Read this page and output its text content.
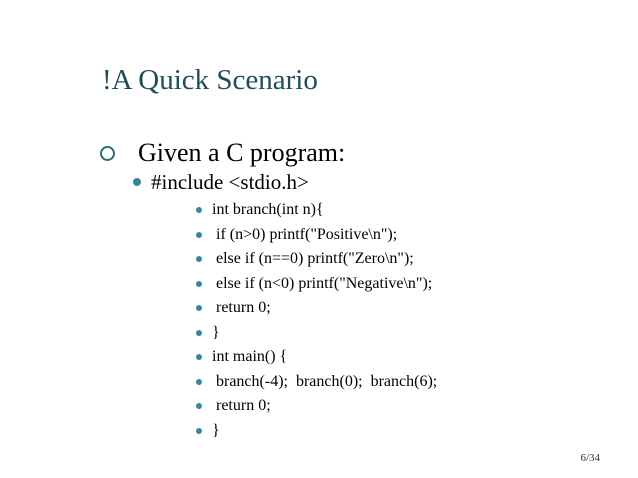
!A Quick Scenario
Given a C program:
#include <stdio.h>
int branch(int n){
if (n>0) printf("Positive\n");
else if (n==0) printf("Zero\n");
else if (n<0) printf("Negative\n");
return 0;
}
int main() {
branch(-4);  branch(0);  branch(6);
return 0;
}
6/34
